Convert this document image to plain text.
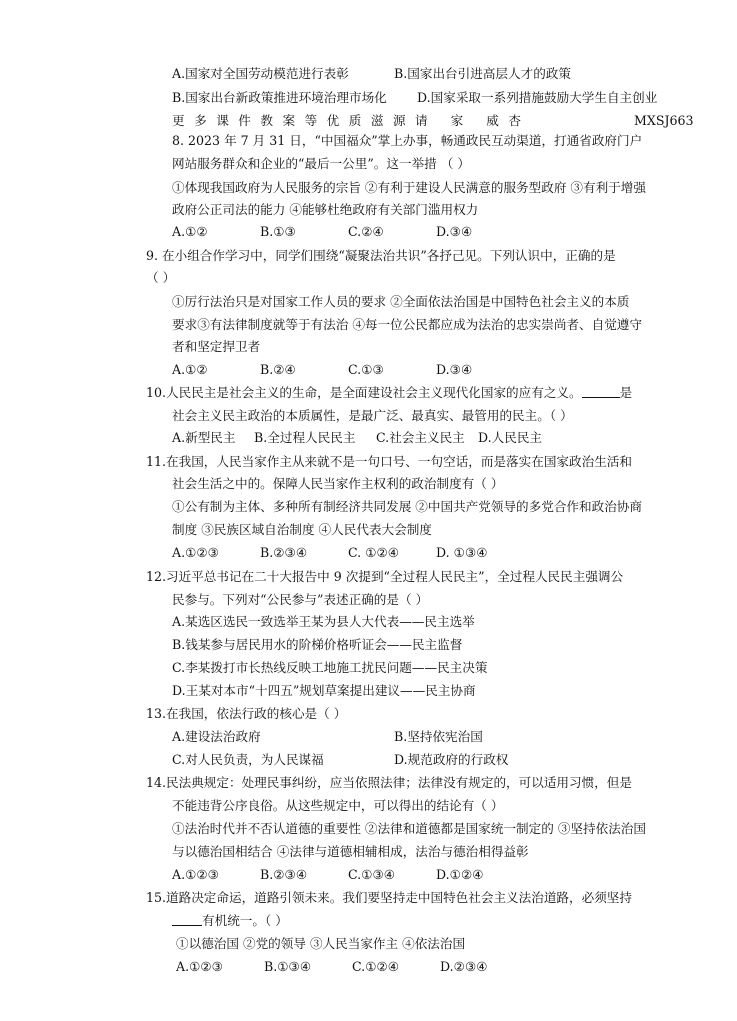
A.国家对全国劳动模范进行表彰	B.国家出台引进高层人才的政策
B.国家出台新政策推进环境治理市场化 D.国家采取一系列措施鼓励大学生自主创业
更多课件教案等优质滋源请 家 威杏	MXSJ663
8. 2023 年 7 月 31 日，“中国福众”掌上办事，畅通政民互动渠道，打通省政府门户
网站服务群众和企业的“最后一公里”。这一举措 （ ）
①体现我国政府为人民服务的宗旨 ②有利于建设人民满意的服务型政府 ③有利于增强
政府公正司法的能力 ④能够杜绝政府有关部门滥用权力
A.①②	B.①③	C.②④	D.③④
9. 在小组合作学习中，同学们围绕“凝聚法治共识”各抒己见。下列认识中，正确的是
（ ）
①厉行法治只是对国家工作人员的要求 ②全面依法治国是中国特色社会主义的本质
要求③有法律制度就等于有法治 ④每一位公民都应成为法治的忠实崇尚者、自觉遵守
者和坚定捍卫者
A.①②	B.②④	C.①③	D.③④
10.人民民主是社会主义的生命，是全面建设社会主义现代化国家的应有之义。	是
社会主义民主政治的本质属性，是最广泛、最真实、最管用的民主。（ ）
A.新型民主 B.全过程人民民主 C.社会主义民主 D.人民民主
11.在我国，人民当家作主从来就不是一句口号、一句空话，而是落实在国家政治生活和
社会生活之中的。保障人民当家作主权利的政治制度有（ ）
①公有制为主体、多种所有制经济共同发展 ②中国共产党领导的多党合作和政治协商
制度 ③民族区域自治制度 ④人民代表大会制度
A.①②③	B.②③④	C. ①②④	D. ①③④
12.习近平总书记在二十大报告中 9 次提到“全过程人民民主”，全过程人民民主强调公
民参与。下列对“公民参与”表述正确的是（ ）
A.某选区选民一致选举王某为县人大代表——民主选举
B.钱某参与居民用水的阶梯价格听证会——民主监督
C.李某拨打市长热线反映工地施工扰民问题——民主决策
D.王某对本市“十四五”规划草案提出建议——民主协商
13.在我国，依法行政的核心是（ ）
A.建设法治政府	B.坚持依宪治国
C.对人民负责，为人民谋福	D.规范政府的行政权
14.民法典规定：处理民事纠纷，应当依照法律；法律没有规定的，可以适用习惯，但是
不能违背公序良俗。从这些规定中，可以得出的结论有（ ）
①法治时代并不否认道德的重要性 ②法律和道德都是国家统一制定的 ③坚持依法治国
与以德治国相结合 ④法律与道德相辅相成，法治与德治相得益彰
A.①②③	B.②③④	C.①③④	D.①②④
15.道路决定命运，道路引领未来。我们要坚持走中国特色社会主义法治道路，必须坚持
有机统一。（ ）
①以德治国 ②党的领导 ③人民当家作主 ④依法治国
A.①②③	B.①③④	C.①②④	D.②③④
